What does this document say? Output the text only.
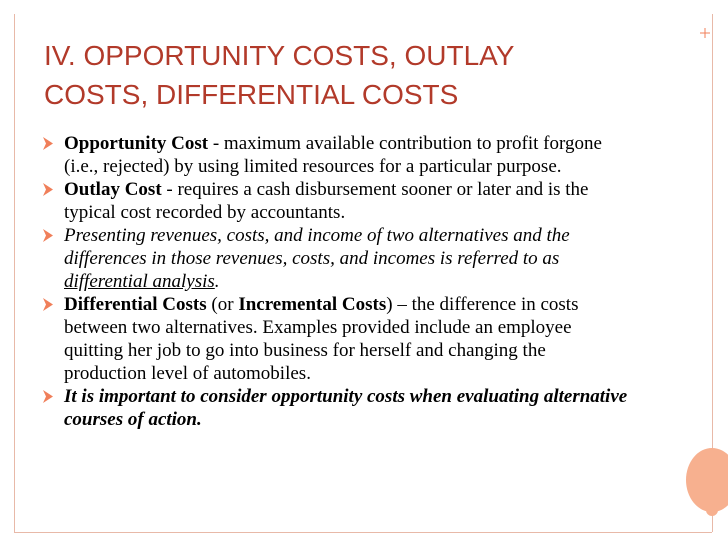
IV. OPPORTUNITY COSTS, OUTLAY
COSTS, DIFFERENTIAL COSTS
Opportunity Cost - maximum available contribution to profit forgone (i.e., rejected) by using limited resources for a particular purpose.
Outlay Cost - requires a cash disbursement sooner or later and is the typical cost recorded by accountants.
Presenting revenues, costs, and income of two alternatives and the differences in those revenues, costs, and incomes is referred to as differential analysis.
Differential Costs (or Incremental Costs) – the difference in costs between two alternatives. Examples provided include an employee quitting her job to go into business for herself and changing the production level of automobiles.
It is important to consider opportunity costs when evaluating alternative courses of action.
